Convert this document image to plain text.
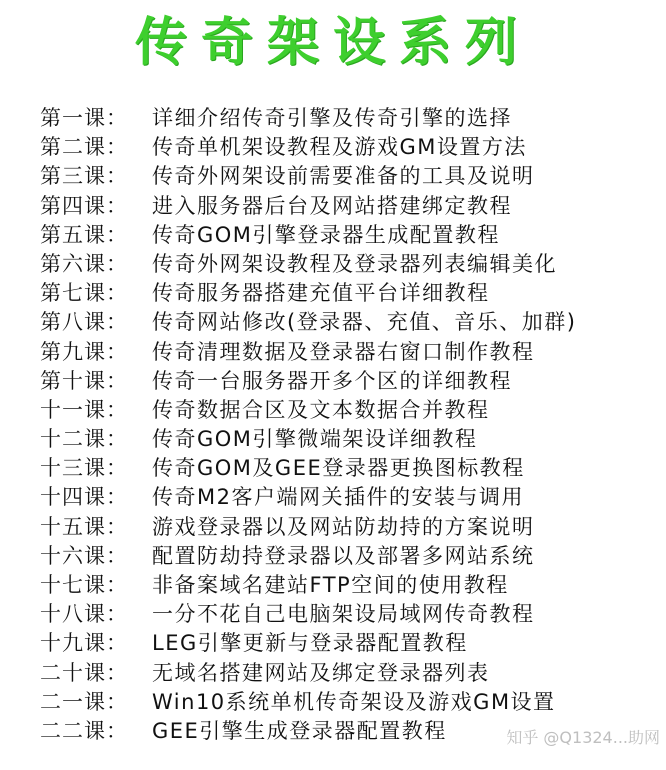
传奇架设系列
第一课：	详细介绍传奇引擎及传奇引擎的选择
第二课：	传奇单机架设教程及游戏GM设置方法
第三课：	传奇外网架设前需要准备的工具及说明
第四课：	进入服务器后台及网站搭建绑定教程
第五课：	传奇GOM引擎登录器生成配置教程
第六课：	传奇外网架设教程及登录器列表编辑美化
第七课：	传奇服务器搭建充值平台详细教程
第八课：	传奇网站修改(登录器、充值、音乐、加群)
第九课：	传奇清理数据及登录器右窗口制作教程
第十课：	传奇一台服务器开多个区的详细教程
十一课：	传奇数据合区及文本数据合并教程
十二课：	传奇GOM引擎微端架设详细教程
十三课：	传奇GOM及GEE登录器更换图标教程
十四课：	传奇M2客户端网关插件的安装与调用
十五课：	游戏登录器以及网站防劫持的方案说明
十六课：	配置防劫持登录器以及部署多网站系统
十七课：	非备案域名建站FTP空间的使用教程
十八课：	一分不花自己电脑架设局域网传奇教程
十九课：	LEG引擎更新与登录器配置教程
二十课：	无域名搭建网站及绑定登录器列表
二一课：	Win10系统单机传奇架设及游戏GM设置
二二课：	GEE引擎生成登录器配置教程	知乎 @Q1324...助网
